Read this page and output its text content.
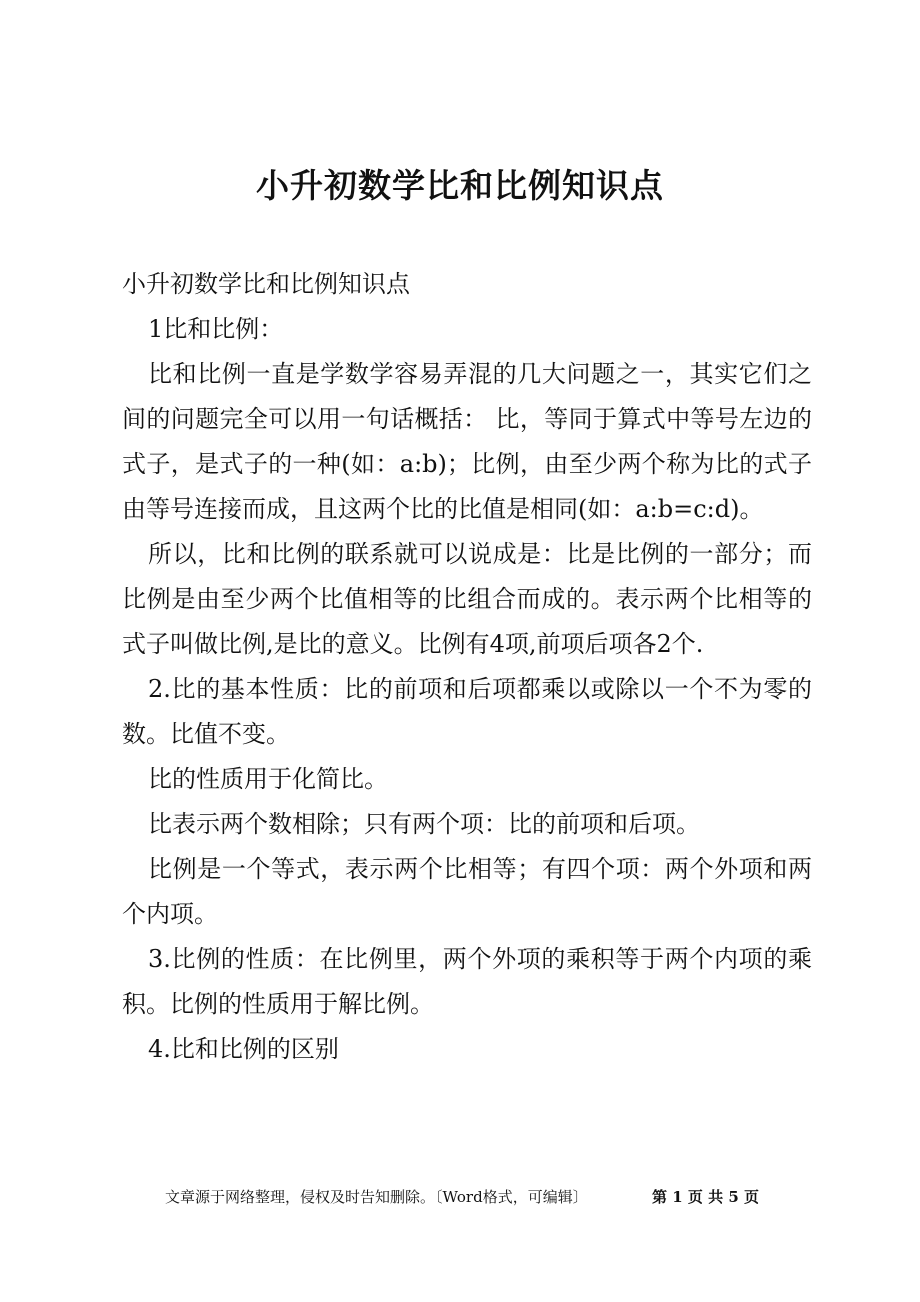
小升初数学比和比例知识点

小升初数学比和比例知识点

1比和比例：

比和比例一直是学数学容易弄混的几大问题之一，其实它们之间的问题完全可以用一句话概括： 比，等同于算式中等号左边的式子，是式子的一种(如：a:b)；比例，由至少两个称为比的式子由等号连接而成，且这两个比的比值是相同(如：a:b=c:d)。

所以，比和比例的联系就可以说成是：比是比例的一部分；而比例是由至少两个比值相等的比组合而成的。表示两个比相等的式子叫做比例,是比的意义。比例有4项,前项后项各2个.

2.比的基本性质：比的前项和后项都乘以或除以一个不为零的数。比值不变。

比的性质用于化简比。

比表示两个数相除；只有两个项：比的前项和后项。

比例是一个等式，表示两个比相等；有四个项：两个外项和两个内项。

3.比例的性质：在比例里，两个外项的乘积等于两个内项的乘积。比例的性质用于解比例。

4.比和比例的区别

文章源于网络整理，侵权及时告知删除。〔Word格式，可编辑〕	第 1 页 共 5 页
